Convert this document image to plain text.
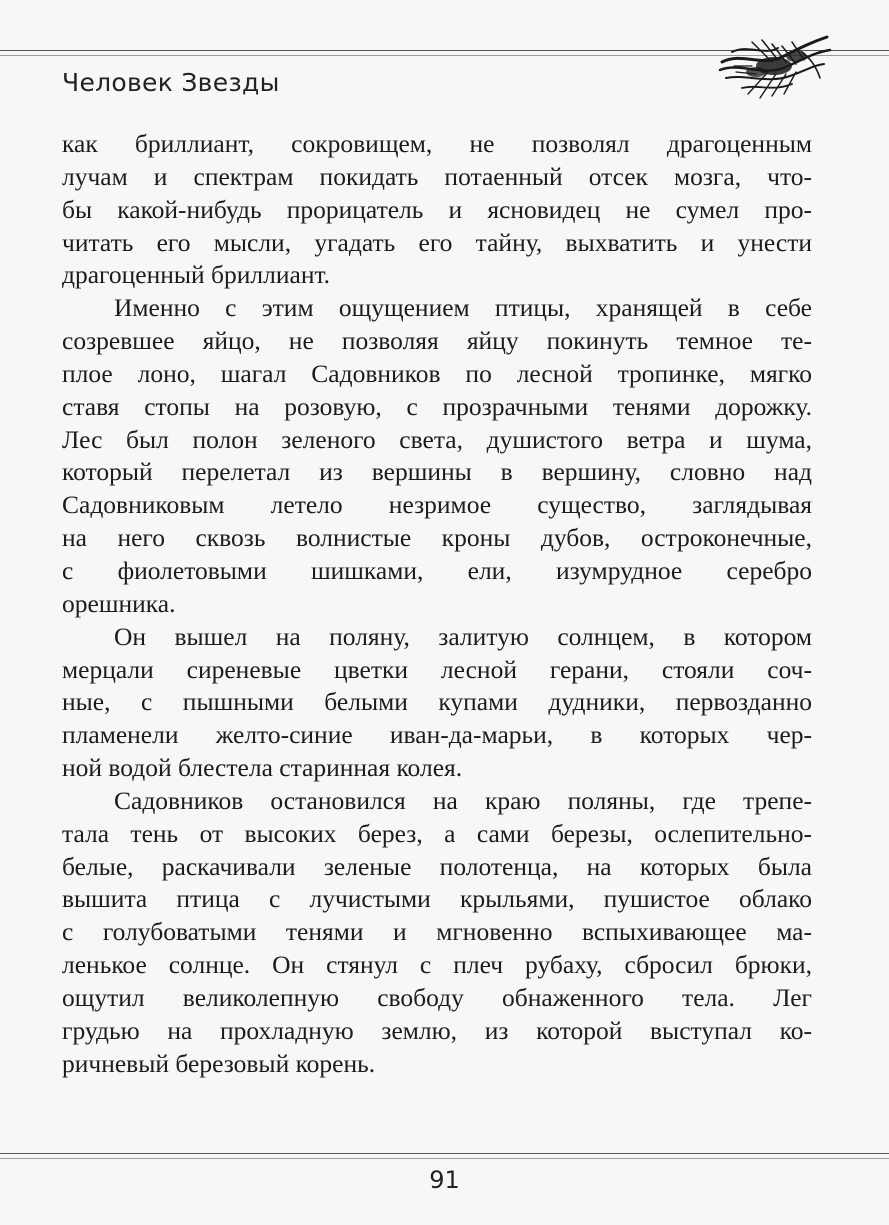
Человек Звезды
как бриллиант, сокровищем, не позволял драгоценным
лучам и спектрам покидать потаенный отсек мозга, что-
бы какой-нибудь прорицатель и ясновидец не сумел про-
читать его мысли, угадать его тайну, выхватить и унести
драгоценный бриллиант.
Именно с этим ощущением птицы, хранящей в себе
созревшее яйцо, не позволяя яйцу покинуть темное те-
плое лоно, шагал Садовников по лесной тропинке, мягко
ставя стопы на розовую, с прозрачными тенями дорожку.
Лес был полон зеленого света, душистого ветра и шума,
который перелетал из вершины в вершину, словно над
Садовниковым летело незримое существо, заглядывая
на него сквозь волнистые кроны дубов, остроконечные,
с фиолетовыми шишками, ели, изумрудное серебро
орешника.
Он вышел на поляну, залитую солнцем, в котором
мерцали сиреневые цветки лесной герани, стояли соч-
ные, с пышными белыми купами дудники, первозданно
пламенели желто-синие иван-да-марьи, в которых чер-
ной водой блестела старинная колея.
Садовников остановился на краю поляны, где трепе-
тала тень от высоких берез, а сами березы, ослепительно-
белые, раскачивали зеленые полотенца, на которых была
вышита птица с лучистыми крыльями, пушистое облако
с голубоватыми тенями и мгновенно вспыхивающее ма-
ленькое солнце. Он стянул с плеч рубаху, сбросил брюки,
ощутил великолепную свободу обнаженного тела. Лег
грудью на прохладную землю, из которой выступал ко-
ричневый березовый корень.
91
